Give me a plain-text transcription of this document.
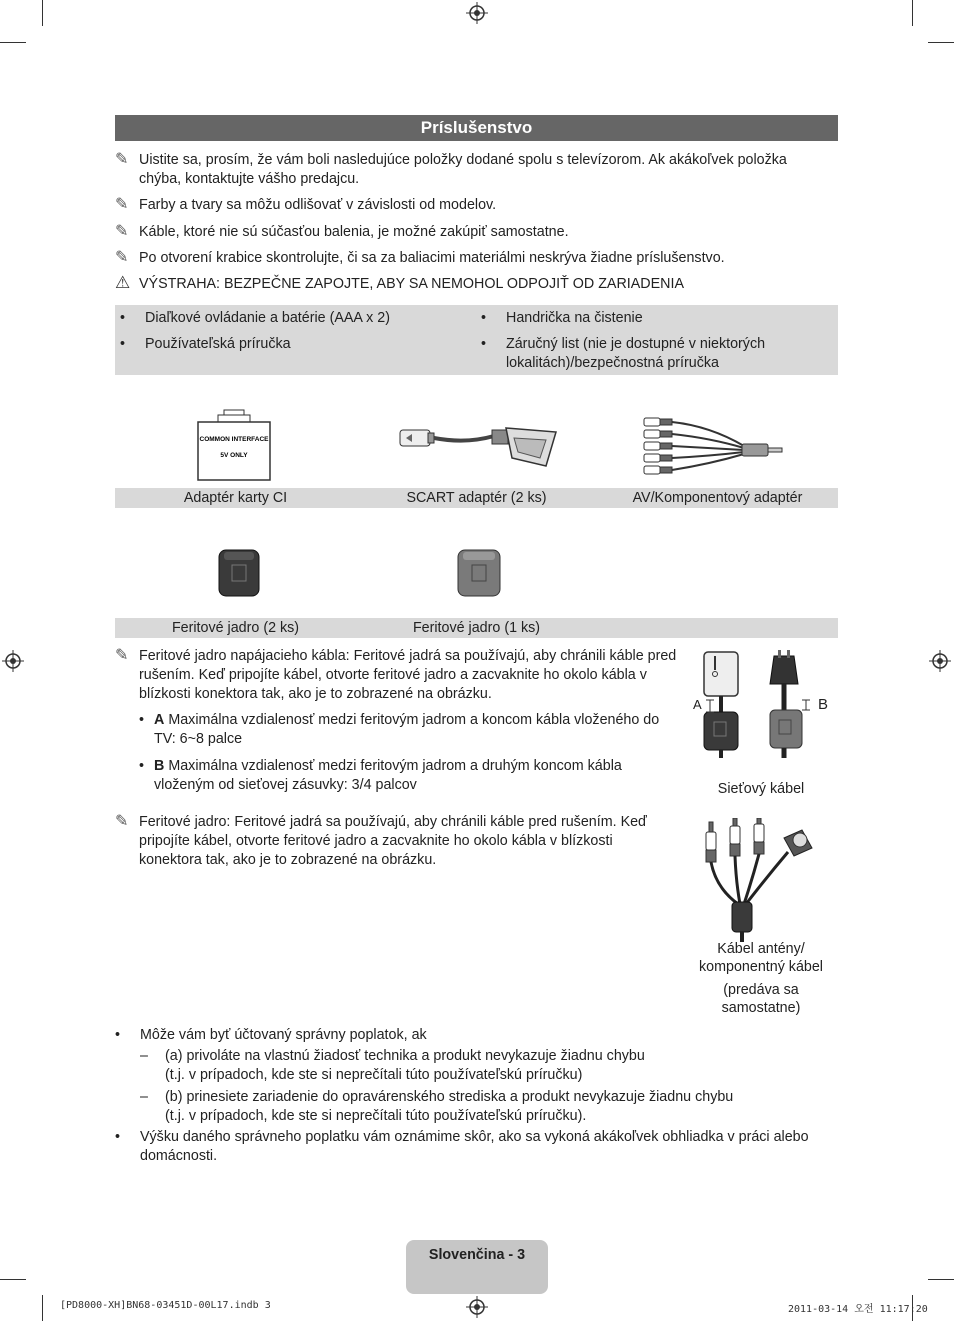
Príslušenstvo
✎ Uistite sa, prosím, že vám boli nasledujúce položky dodané spolu s televízorom. Ak akákoľvek položka chýba, kontaktujte vášho predajcu.
✎ Farby a tvary sa môžu odlišovať v závislosti od modelov.
✎ Káble, ktoré nie sú súčasťou balenia, je možné zakúpiť samostatne.
✎ Po otvorení krabice skontrolujte, či sa za baliacimi materiálmi neskrýva žiadne príslušenstvo.
⚠ VÝSTRAHA: BEZPEČNE ZAPOJTE, ABY SA NEMOHOL ODPOJIŤ OD ZARIADENIA
• Diaľkové ovládanie a batérie (AAA x 2)
• Používateľská príručka
• Handrička na čistenie
• Záručný list (nie je dostupné v niektorých lokalitách)/bezpečnostná príručka
COMMON INTERFACE
5V ONLY
Adaptér karty CI	SCART adaptér (2 ks)	AV/Komponentový adaptér
Feritové jadro (2 ks)	Feritové jadro (1 ks)
✎ Feritové jadro napájacieho kábla: Feritové jadrá sa používajú, aby chránili káble pred rušením. Keď pripojíte kábel, otvorte feritové jadro a zacvaknite ho okolo kábla v blízkosti konektora tak, ako je to zobrazené na obrázku.
• A Maximálna vzdialenosť medzi feritovým jadrom a koncom kábla vloženého do TV: 6~8 palce
• B Maximálna vzdialenosť medzi feritovým jadrom a druhým koncom kábla vloženým od sieťovej zásuvky: 3/4 palcov
A	B
Sieťový kábel
✎ Feritové jadro: Feritové jadrá sa používajú, aby chránili káble pred rušením. Keď pripojíte kábel, otvorte feritové jadro a zacvaknite ho okolo kábla v blízkosti konektora tak, ako je to zobrazené na obrázku.
Kábel antény/ komponentný kábel
(predáva sa samostatne)
• Môže vám byť účtovaný správny poplatok, ak
– (a) privoláte na vlastnú žiadosť technika a produkt nevykazuje žiadnu chybu
(t.j. v prípadoch, kde ste si neprečítali túto používateľskú príručku)
– (b) prinesiete zariadenie do opravárenského strediska a produkt nevykazuje žiadnu chybu
(t.j. v prípadoch, kde ste si neprečítali túto používateľskú príručku).
• Výšku daného správneho poplatku vám oznámime skôr, ako sa vykoná akákoľvek obhliadka v práci alebo domácnosti.
Slovenčina - 3
[PD8000-XH]BN68-03451D-00L17.indb 3	2011-03-14 오전 11:17:20
